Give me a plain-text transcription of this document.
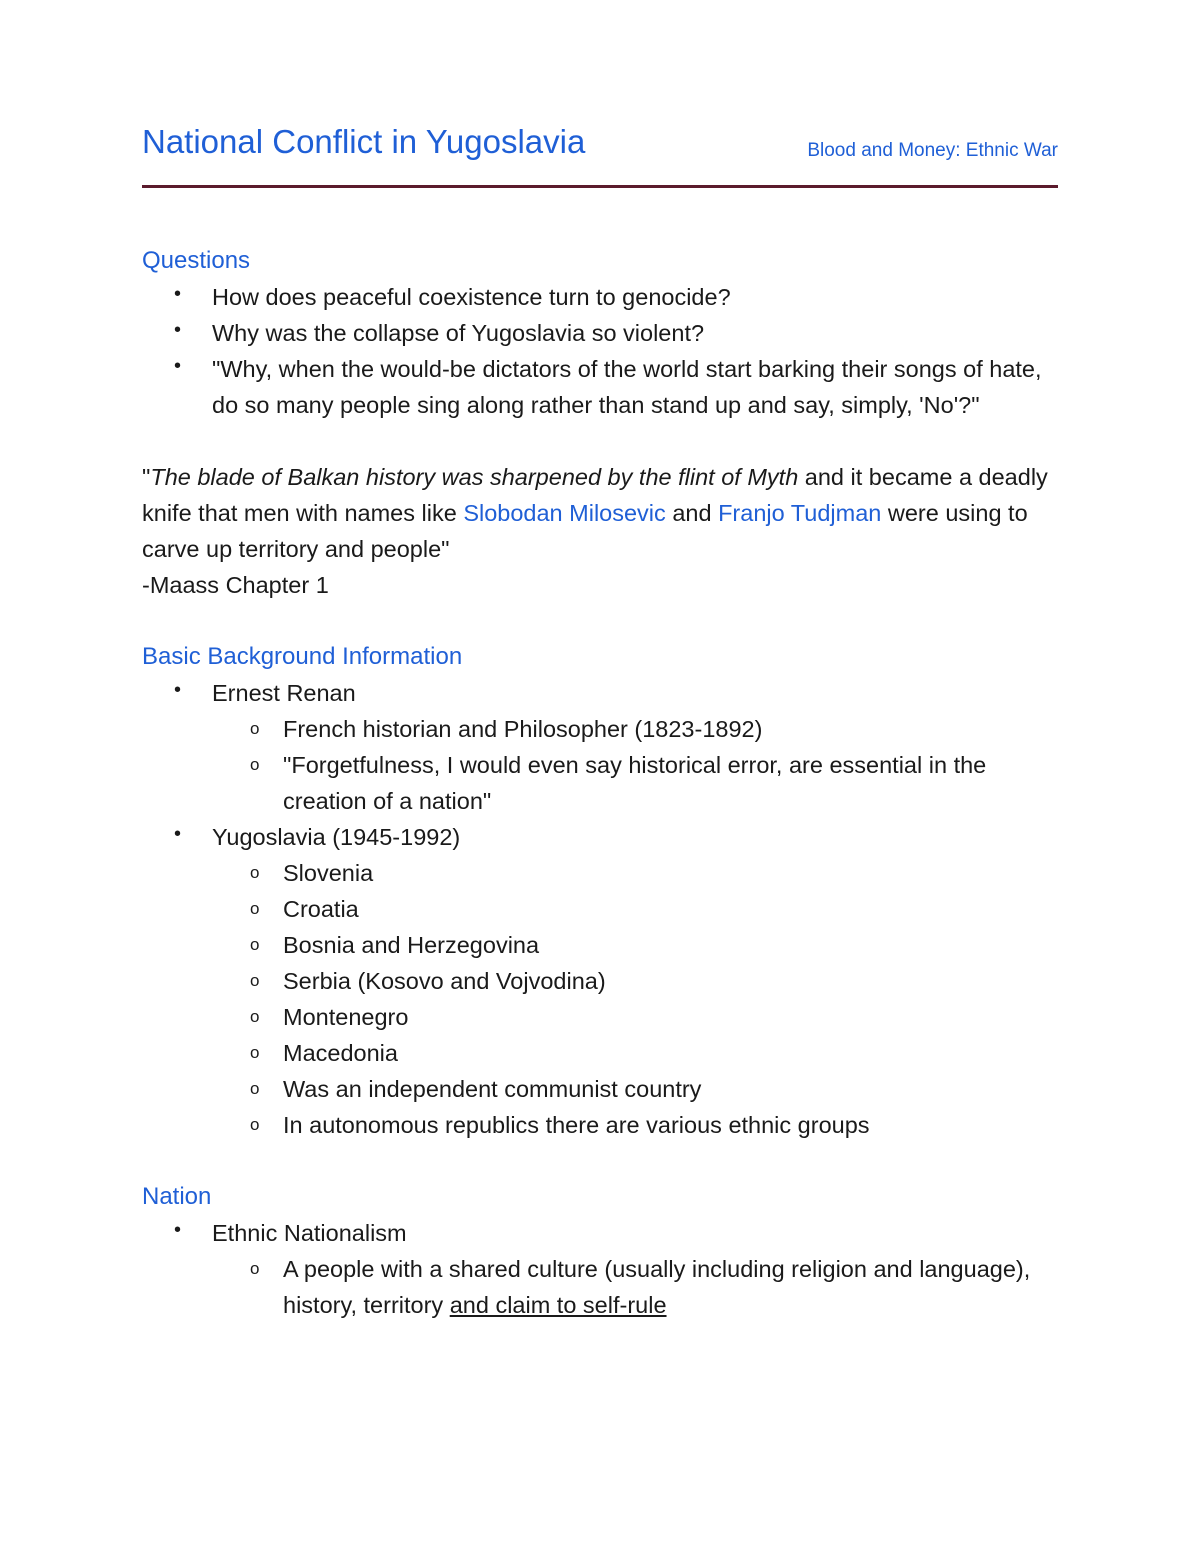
National Conflict in Yugoslavia	Blood and Money: Ethnic War
Questions
• How does peaceful coexistence turn to genocide?
• Why was the collapse of Yugoslavia so violent?
• "Why, when the would-be dictators of the world start barking their songs of hate, do so many people sing along rather than stand up and say, simply, 'No'?"

"The blade of Balkan history was sharpened by the flint of Myth and it became a deadly knife that men with names like Slobodan Milosevic and Franjo Tudjman were using to carve up territory and people"

-Maass Chapter 1

Basic Background Information
• Ernest Renan
o French historian and Philosopher (1823-1892)
o "Forgetfulness, I would even say historical error, are essential in the creation of a nation"
• Yugoslavia (1945-1992)
o Slovenia
o Croatia
o Bosnia and Herzegovina
o Serbia (Kosovo and Vojvodina)
o Montenegro
o Macedonia
o Was an independent communist country
o In autonomous republics there are various ethnic groups
Nation
• Ethnic Nationalism
o A people with a shared culture (usually including religion and language), history, territory and claim to self-rule
